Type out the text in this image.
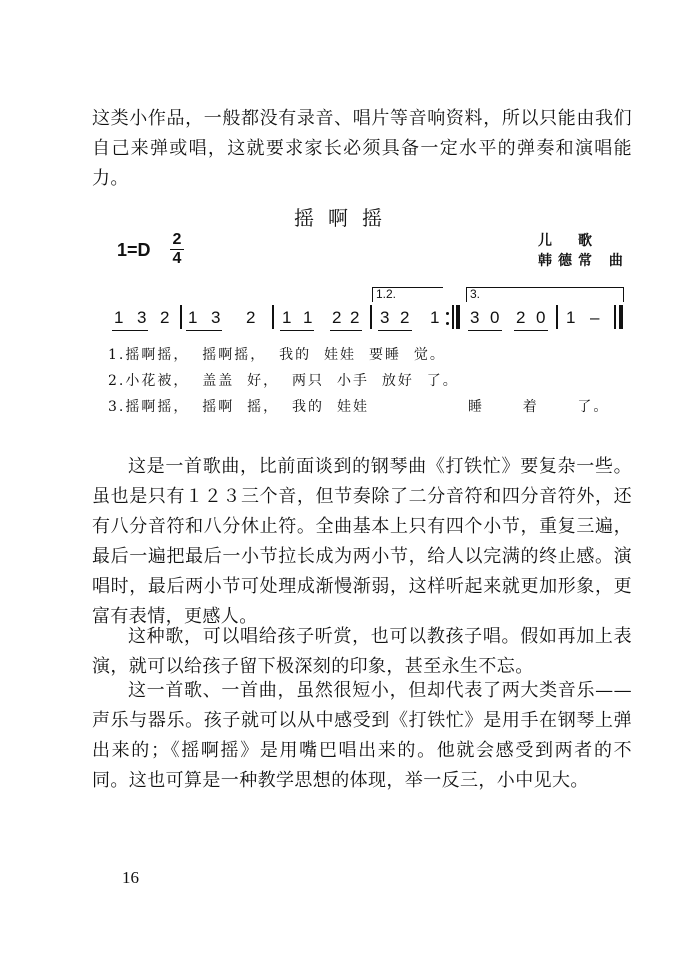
这类小作品，一般都没有录音、唱片等音响资料，所以只能由我们自己来弹或唱，这就要求家长必须具备一定水平的弹奏和演唱能力。

摇啊摇
1=D
2
4
儿　歌
韩德常 曲
1.2.	3.
1 3 2 1 3 2 1 1 2 2 3 2 1 3 0 2 0 1 –
1.摇啊摇，  摇啊摇，  我的  娃娃  要睡  觉。
2.小花被，  盖盖  好，  两只  小手  放好  了。
3.摇啊摇，  摇啊  摇，  我的  娃娃	睡      着      了。

这是一首歌曲，比前面谈到的钢琴曲《打铁忙》要复杂一些。虽也是只有１２３三个音，但节奏除了二分音符和四分音符外，还有八分音符和八分休止符。全曲基本上只有四个小节，重复三遍，最后一遍把最后一小节拉长成为两小节，给人以完满的终止感。演唱时，最后两小节可处理成渐慢渐弱，这样听起来就更加形象，更富有表情，更感人。

这种歌，可以唱给孩子听赏，也可以教孩子唱。假如再加上表演，就可以给孩子留下极深刻的印象，甚至永生不忘。

这一首歌、一首曲，虽然很短小，但却代表了两大类音乐——声乐与器乐。孩子就可以从中感受到《打铁忙》是用手在钢琴上弹出来的；《摇啊摇》是用嘴巴唱出来的。他就会感受到两者的不同。这也可算是一种教学思想的体现，举一反三，小中见大。

16
